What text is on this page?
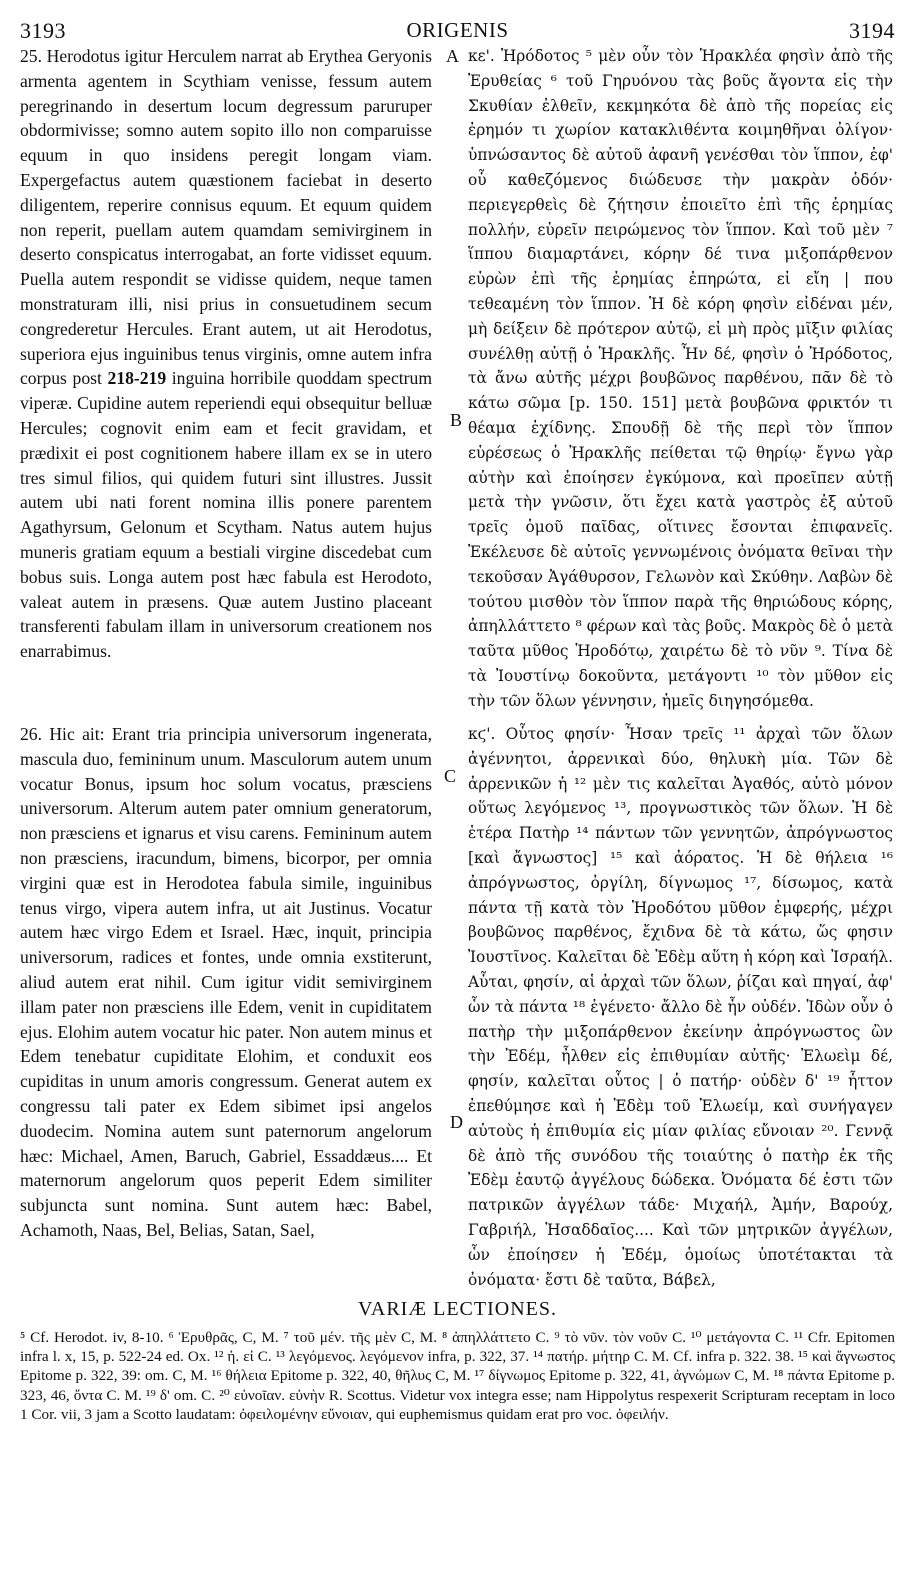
3193	ORIGENIS	3194

25. Herodotus igitur Herculem narrat ab Erythea Geryonis armenta agentem in Scythiam venisse, fessum autem peregrinando in desertum locum degressum paruruper obdormivisse; somno autem sopito illo non comparuisse equum in quo insidens peregit longam viam. Expergefactus autem quæstionem faciebat in deserto diligentem, reperire connisus equum. Et equum quidem non reperit, puellam autem quamdam semivirginem in deserto conspicatus interrogabat, an forte vidisset equum. Puella autem respondit se vidisse quidem, neque tamen monstraturam illi, nisi prius in consuetudinem secum congrederetur Hercules. Erant autem, ut ait Herodotus, superiora ejus inguinibus tenus virginis, omne autem infra corpus post 218-219 inguina horribile quoddam spectrum viperæ. Cupidine autem reperiendi equi obsequitur belluæ Hercules; cognovit enim eam et fecit gravidam, et prædixit ei post cognitionem habere illam ex se in utero tres simul filios, qui quidem futuri sint illustres. Jussit autem ubi nati forent nomina illis ponere parentem Agathyrsum, Gelonum et Scytham. Natus autem hujus muneris gratiam equum a bestiali virgine discedebat cum bobus suis. Longa autem post hæc fabula est Herodoto, valeat autem in præsens. Quæ autem Justino placeant transferenti fabulam illam in universorum creationem nos enarrabimus.

26. Hic ait: Erant tria principia universorum ingenerata, mascula duo, femininum unum. Masculorum autem unum vocatur Bonus, ipsum hoc solum vocatus, præsciens universorum. Alterum autem pater omnium generatorum, non præsciens et ignarus et visu carens. Femininum autem non præsciens, iracundum, bimens, bicorpor, per omnia virgini quæ est in Herodotea fabula simile, inguinibus tenus virgo, vipera autem infra, ut ait Justinus. Vocatur autem hæc virgo Edem et Israel. Hæc, inquit, principia universorum, radices et fontes, unde omnia exstiterunt, aliud autem erat nihil. Cum igitur vidit semivirginem illam pater non præsciens ille Edem, venit in cupiditatem ejus. Elohim autem vocatur hic pater. Non autem minus et Edem tenebatur cupiditate Elohim, et conduxit eos cupiditas in unum amoris congressum. Generat autem ex congressu tali pater ex Edem sibimet ipsi angelos duodecim. Nomina autem sunt paternorum angelorum hæc: Michael, Amen, Baruch, Gabriel, Essaddæus.... Et maternorum angelorum quos peperit Edem similiter subjuncta sunt nomina. Sunt autem hæc: Babel, Achamoth, Naas, Bel, Belias, Satan, Sael,

κε'. Ἡρόδοτος ⁵ μὲν οὖν τὸν Ἡρακλέα φησὶν ἀπὸ τῆς Ἐρυθείας ⁶ τοῦ Γηρυόνου τὰς βοῦς ἄγοντα εἰς τὴν Σκυθίαν ἐλθεῖν, κεκμηκότα δὲ ἀπὸ τῆς πορείας εἰς ἐρημόν τι χωρίον κατακλιθέντα κοιμηθῆναι ὀλίγον· ὑπνώσαντος δὲ αὐτοῦ ἀφανῆ γενέσθαι τὸν ἵππον, ἐφ' οὗ καθεζόμενος διώδευσε τὴν μακρὰν ὁδόν· περιεγερθεὶς δὲ ζήτησιν ἐποιεῖτο ἐπὶ τῆς ἐρημίας πολλήν, εὑρεῖν πειρώμενος τὸν ἵππον. Καὶ τοῦ μὲν ⁷ ἵππου διαμαρτάνει, κόρην δέ τινα μιξοπάρθενον εὑρὼν ἐπὶ τῆς ἐρημίας ἐπηρώτα, εἰ εἴη | που τεθεαμένη τὸν ἵππον. Ἡ δὲ κόρη φησὶν εἰδέναι μέν, μὴ δείξειν δὲ πρότερον αὐτῷ, εἰ μὴ πρὸς μῖξιν φιλίας συνέλθῃ αὐτῇ ὁ Ἡρακλῆς. Ἦν δέ, φησὶν ὁ Ἡρόδοτος, τὰ ἄνω αὐτῆς μέχρι βουβῶνος παρθένου, πᾶν δὲ τὸ κάτω σῶμα [p. 150. 151] μετὰ βουβῶνα φρικτόν τι θέαμα ἐχίδνης. Σπουδῇ δὲ τῆς περὶ τὸν ἵππον εὑρέσεως ὁ Ἡρακλῆς πείθεται τῷ θηρίῳ· ἔγνω γὰρ αὐτὴν καὶ ἐποίησεν ἐγκύμονα, καὶ προεῖπεν αὐτῇ μετὰ τὴν γνῶσιν, ὅτι ἔχει κατὰ γαστρὸς ἐξ αὐτοῦ τρεῖς ὁμοῦ παῖδας, οἵτινες ἔσονται ἐπιφανεῖς. Ἐκέλευσε δὲ αὐτοῖς γεννωμένοις ὀνόματα θεῖναι τὴν τεκοῦσαν Ἀγάθυρσον, Γελωνὸν καὶ Σκύθην. Λαβὼν δὲ τούτου μισθὸν τὸν ἵππον παρὰ τῆς θηριώδους κόρης, ἀπηλλάττετο ⁸ φέρων καὶ τὰς βοῦς. Μακρὸς δὲ ὁ μετὰ ταῦτα μῦθος Ἡροδότῳ, χαιρέτω δὲ τὸ νῦν ⁹. Τίνα δὲ τὰ Ἰουστίνῳ δοκοῦντα, μετάγοντι ¹⁰ τὸν μῦθον εἰς τὴν τῶν ὅλων γέννησιν, ἡμεῖς διηγησόμεθα.

κϛ'. Οὗτος φησίν· Ἦσαν τρεῖς ¹¹ ἀρχαὶ τῶν ὅλων ἀγέννητοι, ἀρρενικαὶ δύο, θηλυκὴ μία. Τῶν δὲ ἀρρενικῶν ἡ ¹² μὲν τις καλεῖται Ἀγαθός, αὐτὸ μόνον οὕτως λεγόμενος ¹³, προγνωστικὸς τῶν ὅλων. Ἡ δὲ ἑτέρα Πατὴρ ¹⁴ πάντων τῶν γεννητῶν, ἀπρόγνωστος [καὶ ἄγνωστος] ¹⁵ καὶ ἀόρατος. Ἡ δὲ θήλεια ¹⁶ ἀπρόγνωστος, ὀργίλη, δίγνωμος ¹⁷, δίσωμος, κατὰ πάντα τῇ κατὰ τὸν Ἡροδότου μῦθον ἐμφερής, μέχρι βουβῶνος παρθένος, ἔχιδνα δὲ τὰ κάτω, ὥς φησιν Ἰουστῖνος. Καλεῖται δὲ Ἐδὲμ αὕτη ἡ κόρη καὶ Ἰσραήλ. Αὗται, φησίν, αἱ ἀρχαὶ τῶν ὅλων, ῥίζαι καὶ πηγαί, ἀφ' ὧν τὰ πάντα ¹⁸ ἐγένετο· ἄλλο δὲ ἦν οὐδέν. Ἰδὼν οὖν ὁ πατὴρ τὴν μιξοπάρθενον ἐκείνην ἀπρόγνωστος ὢν τὴν Ἐδέμ, ἦλθεν εἰς ἐπιθυμίαν αὐτῆς· Ἐλωεὶμ δέ, φησίν, καλεῖται οὗτος | ὁ πατήρ· οὐδὲν δ' ¹⁹ ἧττον ἐπεθύμησε καὶ ἡ Ἐδὲμ τοῦ Ἐλωείμ, καὶ συνήγαγεν αὐτοὺς ἡ ἐπιθυμία εἰς μίαν φιλίας εὔνοιαν ²⁰. Γεννᾷ δὲ ἀπὸ τῆς συνόδου τῆς τοιαύτης ὁ πατὴρ ἐκ τῆς Ἐδὲμ ἑαυτῷ ἀγγέλους δώδεκα. Ὀνόματα δέ ἐστι τῶν πατρικῶν ἀγγέλων τάδε· Μιχαήλ, Ἀμήν, Βαρούχ, Γαβριήλ, Ἡσαδδαῖος.... Καὶ τῶν μητρικῶν ἀγγέλων, ὧν ἐποίησεν ἡ Ἐδέμ, ὁμοίως ὑποτέτακται τὰ ὀνόματα· ἔστι δὲ ταῦτα, Βάβελ,

A
B
C
D
VARIÆ LECTIONES.
⁵ Cf. Herodot. iv, 8-10. ⁶ Ἐρυθρᾶς, C, M. ⁷ τοῦ μέν. τῆς μὲν C, M. ⁸ ἀπηλλάττετο C. ⁹ τὸ νῦν. τὸν νοῦν C. ¹⁰ μετάγοντα C. ¹¹ Cfr. Epitomen infra l. x, 15, p. 522-24 ed. Ox. ¹² ἡ. εἰ C. ¹³ λεγόμενος. λεγόμενον infra, p. 322, 37. ¹⁴ πατήρ. μήτηρ C. M. Cf. infra p. 322. 38. ¹⁵ καὶ ἄγνωστος Epitome p. 322, 39: om. C, M. ¹⁶ θήλεια Epitome p. 322, 40, θῆλυς C, M. ¹⁷ δίγνωμος Epitome p. 322, 41, ἀγνώμων C, M. ¹⁸ πάντα Epitome p. 323, 46, ὄντα C. M. ¹⁹ δ' om. C. ²⁰ εὐνοῖαν. εὐνὴν R. Scottus. Videtur vox integra esse; nam Hippolytus respexerit Scripturam receptam in loco 1 Cor. vii, 3 jam a Scotto laudatam: ὀφειλομένην εὔνοιαν, qui euphemismus quidam erat pro voc. ὀφειλήν.
